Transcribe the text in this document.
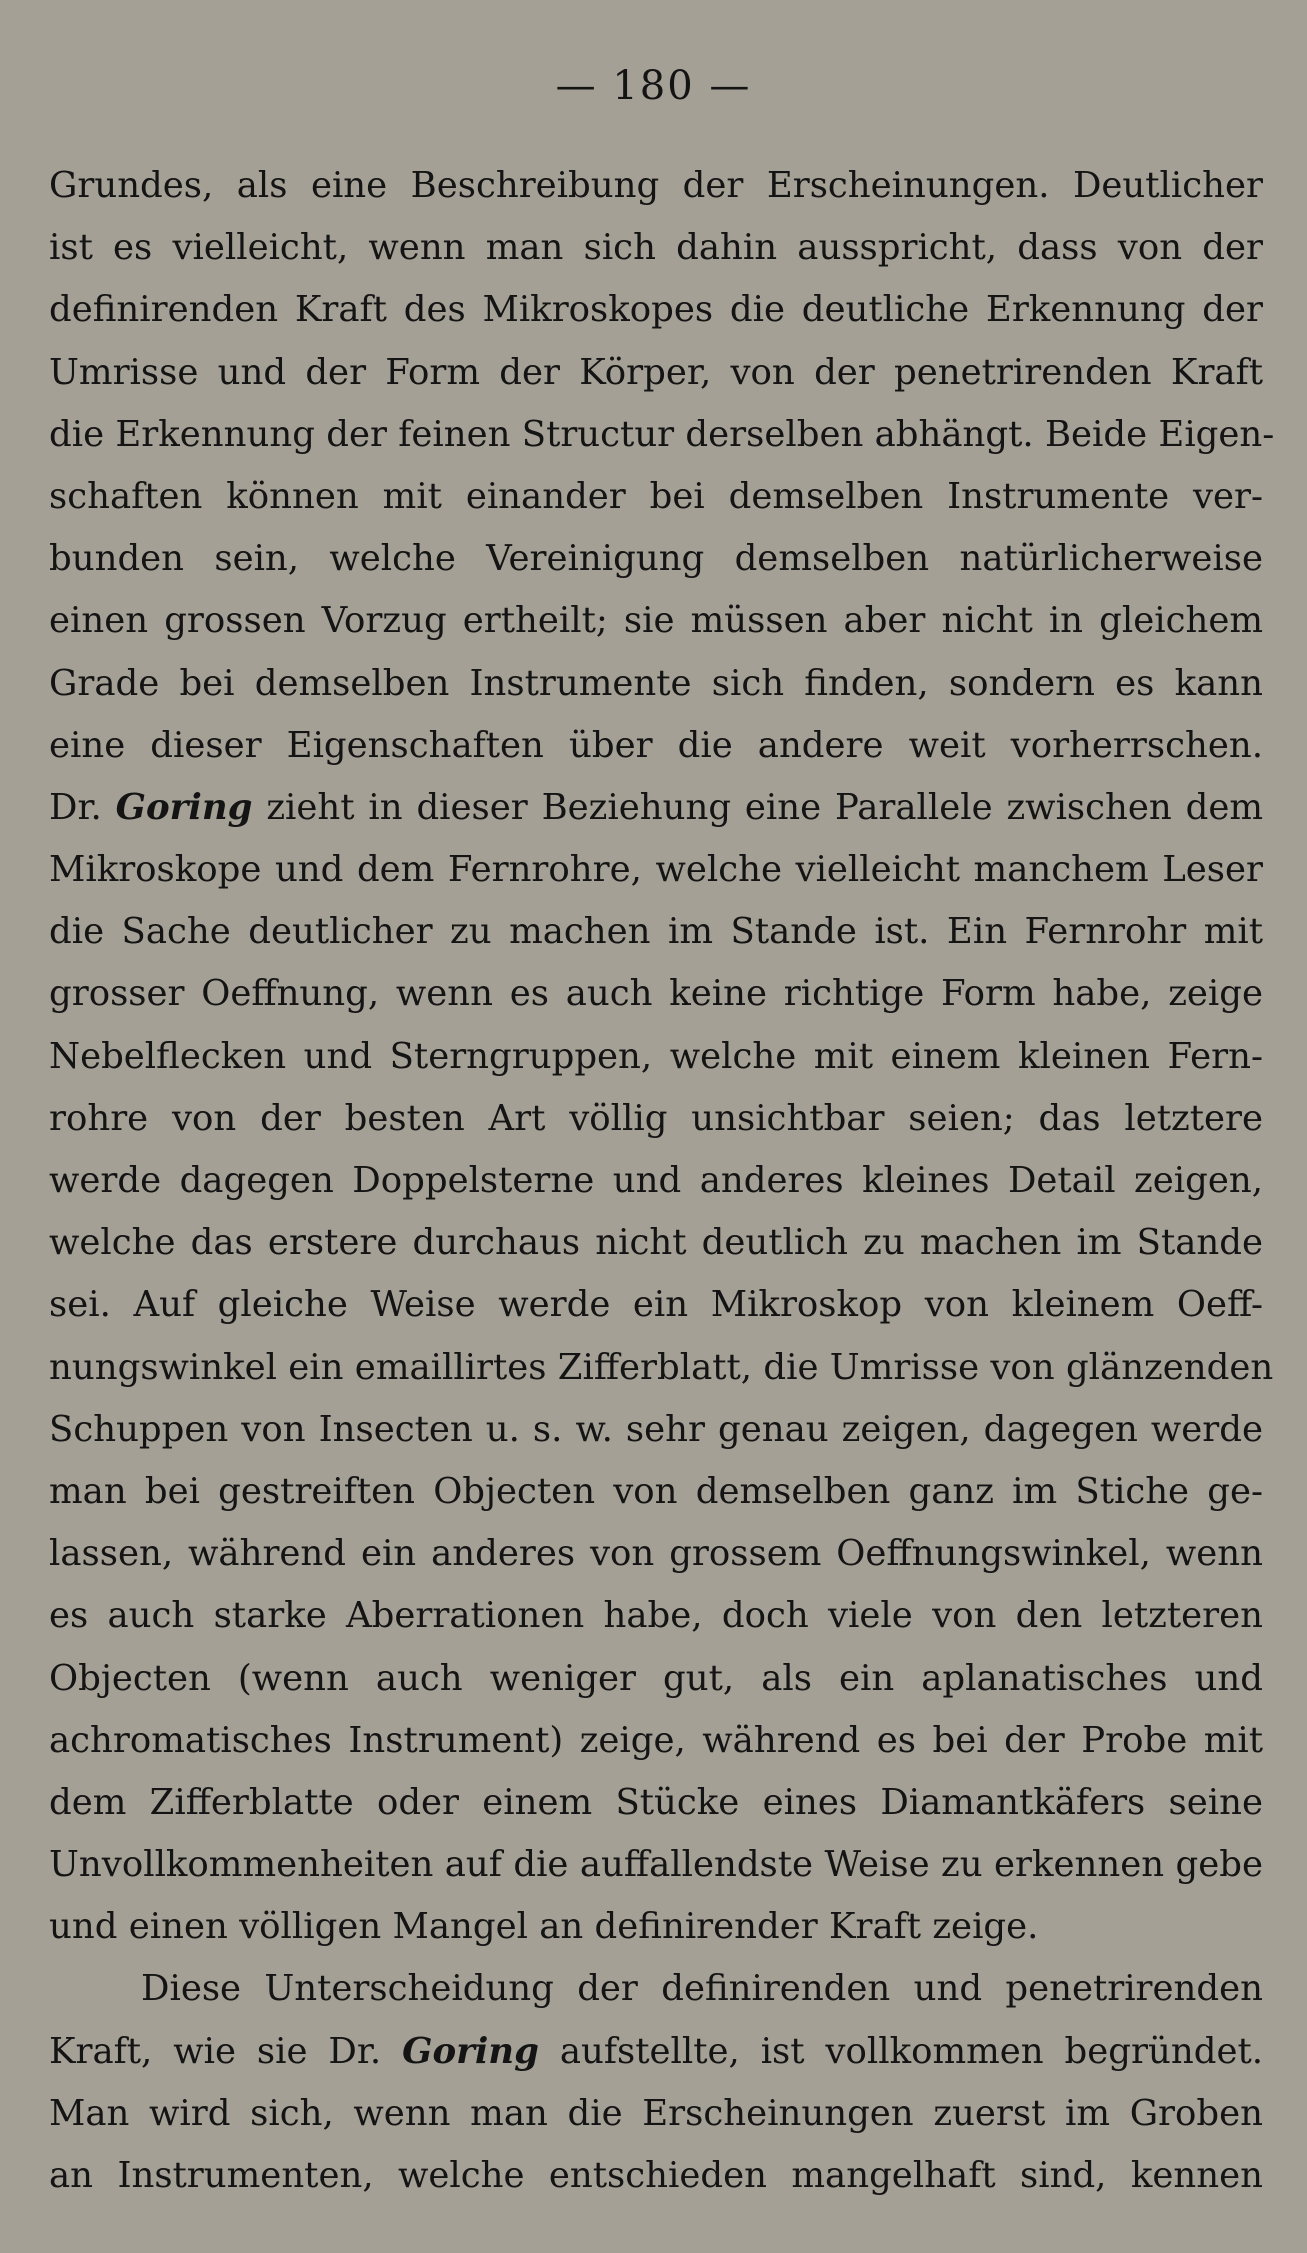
— 180 —
Grundes, als eine Beschreibung der Erscheinungen. Deutlicher
ist es vielleicht, wenn man sich dahin ausspricht, dass von der
definirenden Kraft des Mikroskopes die deutliche Erkennung der
Umrisse und der Form der Körper, von der penetrirenden Kraft
die Erkennung der feinen Structur derselben abhängt. Beide Eigen-
schaften können mit einander bei demselben Instrumente ver-
bunden sein, welche Vereinigung demselben natürlicherweise
einen grossen Vorzug ertheilt; sie müssen aber nicht in gleichem
Grade bei demselben Instrumente sich finden, sondern es kann
eine dieser Eigenschaften über die andere weit vorherrschen.
Dr. Goring zieht in dieser Beziehung eine Parallele zwischen dem
Mikroskope und dem Fernrohre, welche vielleicht manchem Leser
die Sache deutlicher zu machen im Stande ist. Ein Fernrohr mit
grosser Oeffnung, wenn es auch keine richtige Form habe, zeige
Nebelflecken und Sterngruppen, welche mit einem kleinen Fern-
rohre von der besten Art völlig unsichtbar seien; das letztere
werde dagegen Doppelsterne und anderes kleines Detail zeigen,
welche das erstere durchaus nicht deutlich zu machen im Stande
sei. Auf gleiche Weise werde ein Mikroskop von kleinem Oeff-
nungswinkel ein emaillirtes Zifferblatt, die Umrisse von glänzenden
Schuppen von Insecten u. s. w. sehr genau zeigen, dagegen werde
man bei gestreiften Objecten von demselben ganz im Stiche ge-
lassen, während ein anderes von grossem Oeffnungswinkel, wenn
es auch starke Aberrationen habe, doch viele von den letzteren
Objecten (wenn auch weniger gut, als ein aplanatisches und
achromatisches Instrument) zeige, während es bei der Probe mit
dem Zifferblatte oder einem Stücke eines Diamantkäfers seine
Unvollkommenheiten auf die auffallendste Weise zu erkennen gebe
und einen völligen Mangel an definirender Kraft zeige.
Diese Unterscheidung der definirenden und penetrirenden
Kraft, wie sie Dr. Goring aufstellte, ist vollkommen begründet.
Man wird sich, wenn man die Erscheinungen zuerst im Groben
an Instrumenten, welche entschieden mangelhaft sind, kennen
